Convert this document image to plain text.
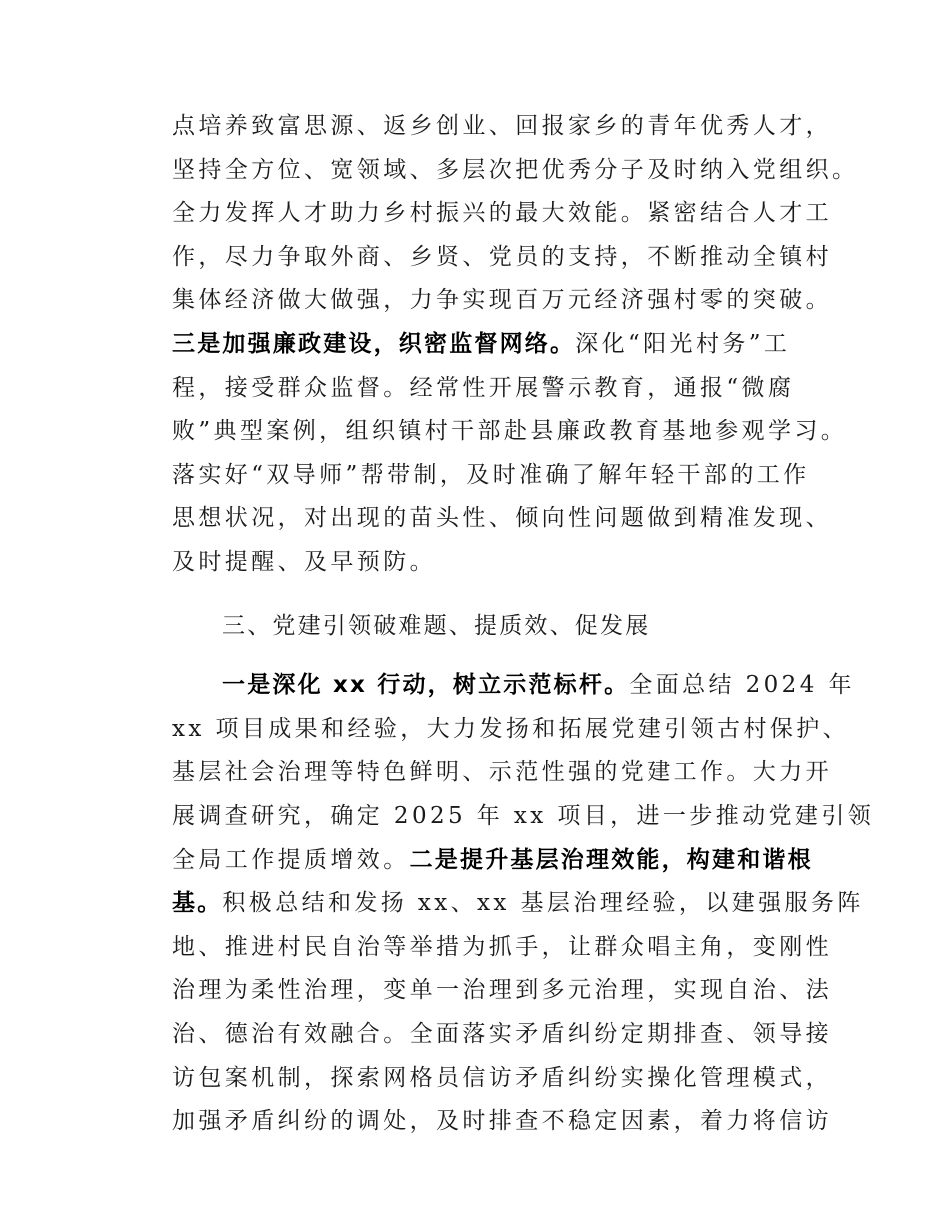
点培养致富思源、返乡创业、回报家乡的青年优秀人才，
坚持全方位、宽领域、多层次把优秀分子及时纳入党组织。
全力发挥人才助力乡村振兴的最大效能。紧密结合人才工
作，尽力争取外商、乡贤、党员的支持，不断推动全镇村
集体经济做大做强，力争实现百万元经济强村零的突破。
三是加强廉政建设，织密监督网络。深化“阳光村务”工
程，接受群众监督。经常性开展警示教育，通报“微腐
败”典型案例，组织镇村干部赴县廉政教育基地参观学习。
落实好“双导师”帮带制，及时准确了解年轻干部的工作
思想状况，对出现的苗头性、倾向性问题做到精准发现、
及时提醒、及早预防。
三、党建引领破难题、提质效、促发展
一是深化 xx 行动，树立示范标杆。全面总结 2024 年
xx 项目成果和经验，大力发扬和拓展党建引领古村保护、
基层社会治理等特色鲜明、示范性强的党建工作。大力开
展调查研究，确定 2025 年 xx 项目，进一步推动党建引领
全局工作提质增效。二是提升基层治理效能，构建和谐根
基。积极总结和发扬 xx、xx 基层治理经验，以建强服务阵
地、推进村民自治等举措为抓手，让群众唱主角，变刚性
治理为柔性治理，变单一治理到多元治理，实现自治、法
治、德治有效融合。全面落实矛盾纠纷定期排查、领导接
访包案机制，探索网格员信访矛盾纠纷实操化管理模式，
加强矛盾纠纷的调处，及时排查不稳定因素，着力将信访
